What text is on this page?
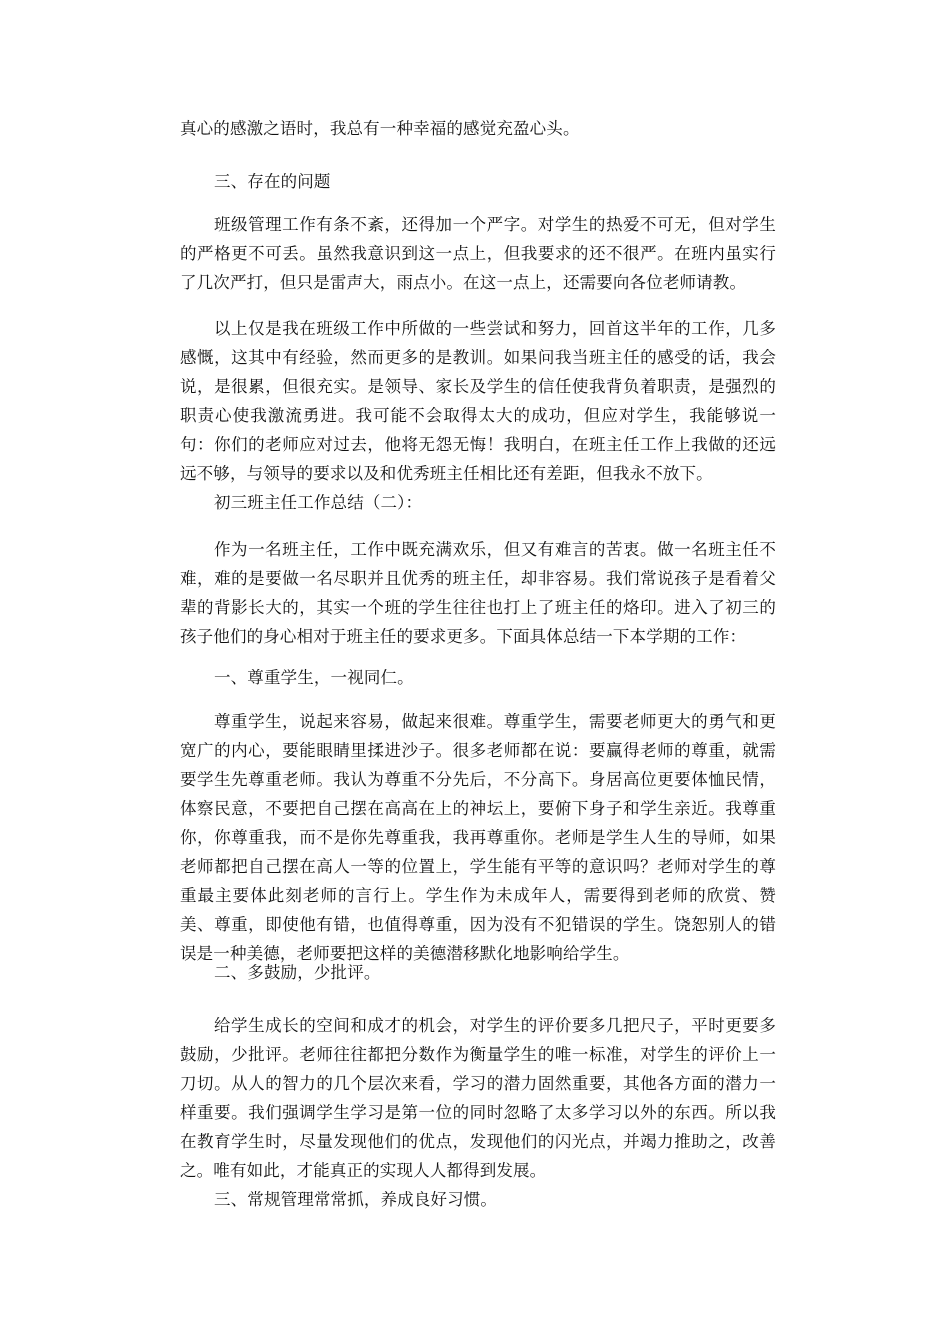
真心的感激之语时，我总有一种幸福的感觉充盈心头。

三、存在的问题

班级管理工作有条不紊，还得加一个严字。对学生的热爱不可无，但对学生的严格更不可丢。虽然我意识到这一点上，但我要求的还不很严。在班内虽实行了几次严打，但只是雷声大，雨点小。在这一点上，还需要向各位老师请教。

以上仅是我在班级工作中所做的一些尝试和努力，回首这半年的工作，几多感慨，这其中有经验，然而更多的是教训。如果问我当班主任的感受的话，我会说，是很累，但很充实。是领导、家长及学生的信任使我背负着职责，是强烈的职责心使我激流勇进。我可能不会取得太大的成功，但应对学生，我能够说一句：你们的老师应对过去，他将无怨无悔！我明白，在班主任工作上我做的还远远不够，与领导的要求以及和优秀班主任相比还有差距，但我永不放下。

初三班主任工作总结（二）：

作为一名班主任，工作中既充满欢乐，但又有难言的苦衷。做一名班主任不难，难的是要做一名尽职并且优秀的班主任，却非容易。我们常说孩子是看着父辈的背影长大的，其实一个班的学生往往也打上了班主任的烙印。进入了初三的孩子他们的身心相对于班主任的要求更多。下面具体总结一下本学期的工作：

一、尊重学生，一视同仁。

尊重学生，说起来容易，做起来很难。尊重学生，需要老师更大的勇气和更宽广的内心，要能眼睛里揉进沙子。很多老师都在说：要赢得老师的尊重，就需要学生先尊重老师。我认为尊重不分先后，不分高下。身居高位更要体恤民情，体察民意，不要把自己摆在高高在上的神坛上，要俯下身子和学生亲近。我尊重你，你尊重我，而不是你先尊重我，我再尊重你。老师是学生人生的导师，如果老师都把自己摆在高人一等的位置上，学生能有平等的意识吗？老师对学生的尊重最主要体此刻老师的言行上。学生作为未成年人，需要得到老师的欣赏、赞美、尊重，即使他有错，也值得尊重，因为没有不犯错误的学生。饶恕别人的错误是一种美德，老师要把这样的美德潜移默化地影响给学生。

二、多鼓励，少批评。

给学生成长的空间和成才的机会，对学生的评价要多几把尺子，平时更要多鼓励，少批评。老师往往都把分数作为衡量学生的唯一标准，对学生的评价上一刀切。从人的智力的几个层次来看，学习的潜力固然重要，其他各方面的潜力一样重要。我们强调学生学习是第一位的同时忽略了太多学习以外的东西。所以我在教育学生时，尽量发现他们的优点，发现他们的闪光点，并竭力推助之，改善之。唯有如此，才能真正的实现人人都得到发展。

三、常规管理常常抓，养成良好习惯。
